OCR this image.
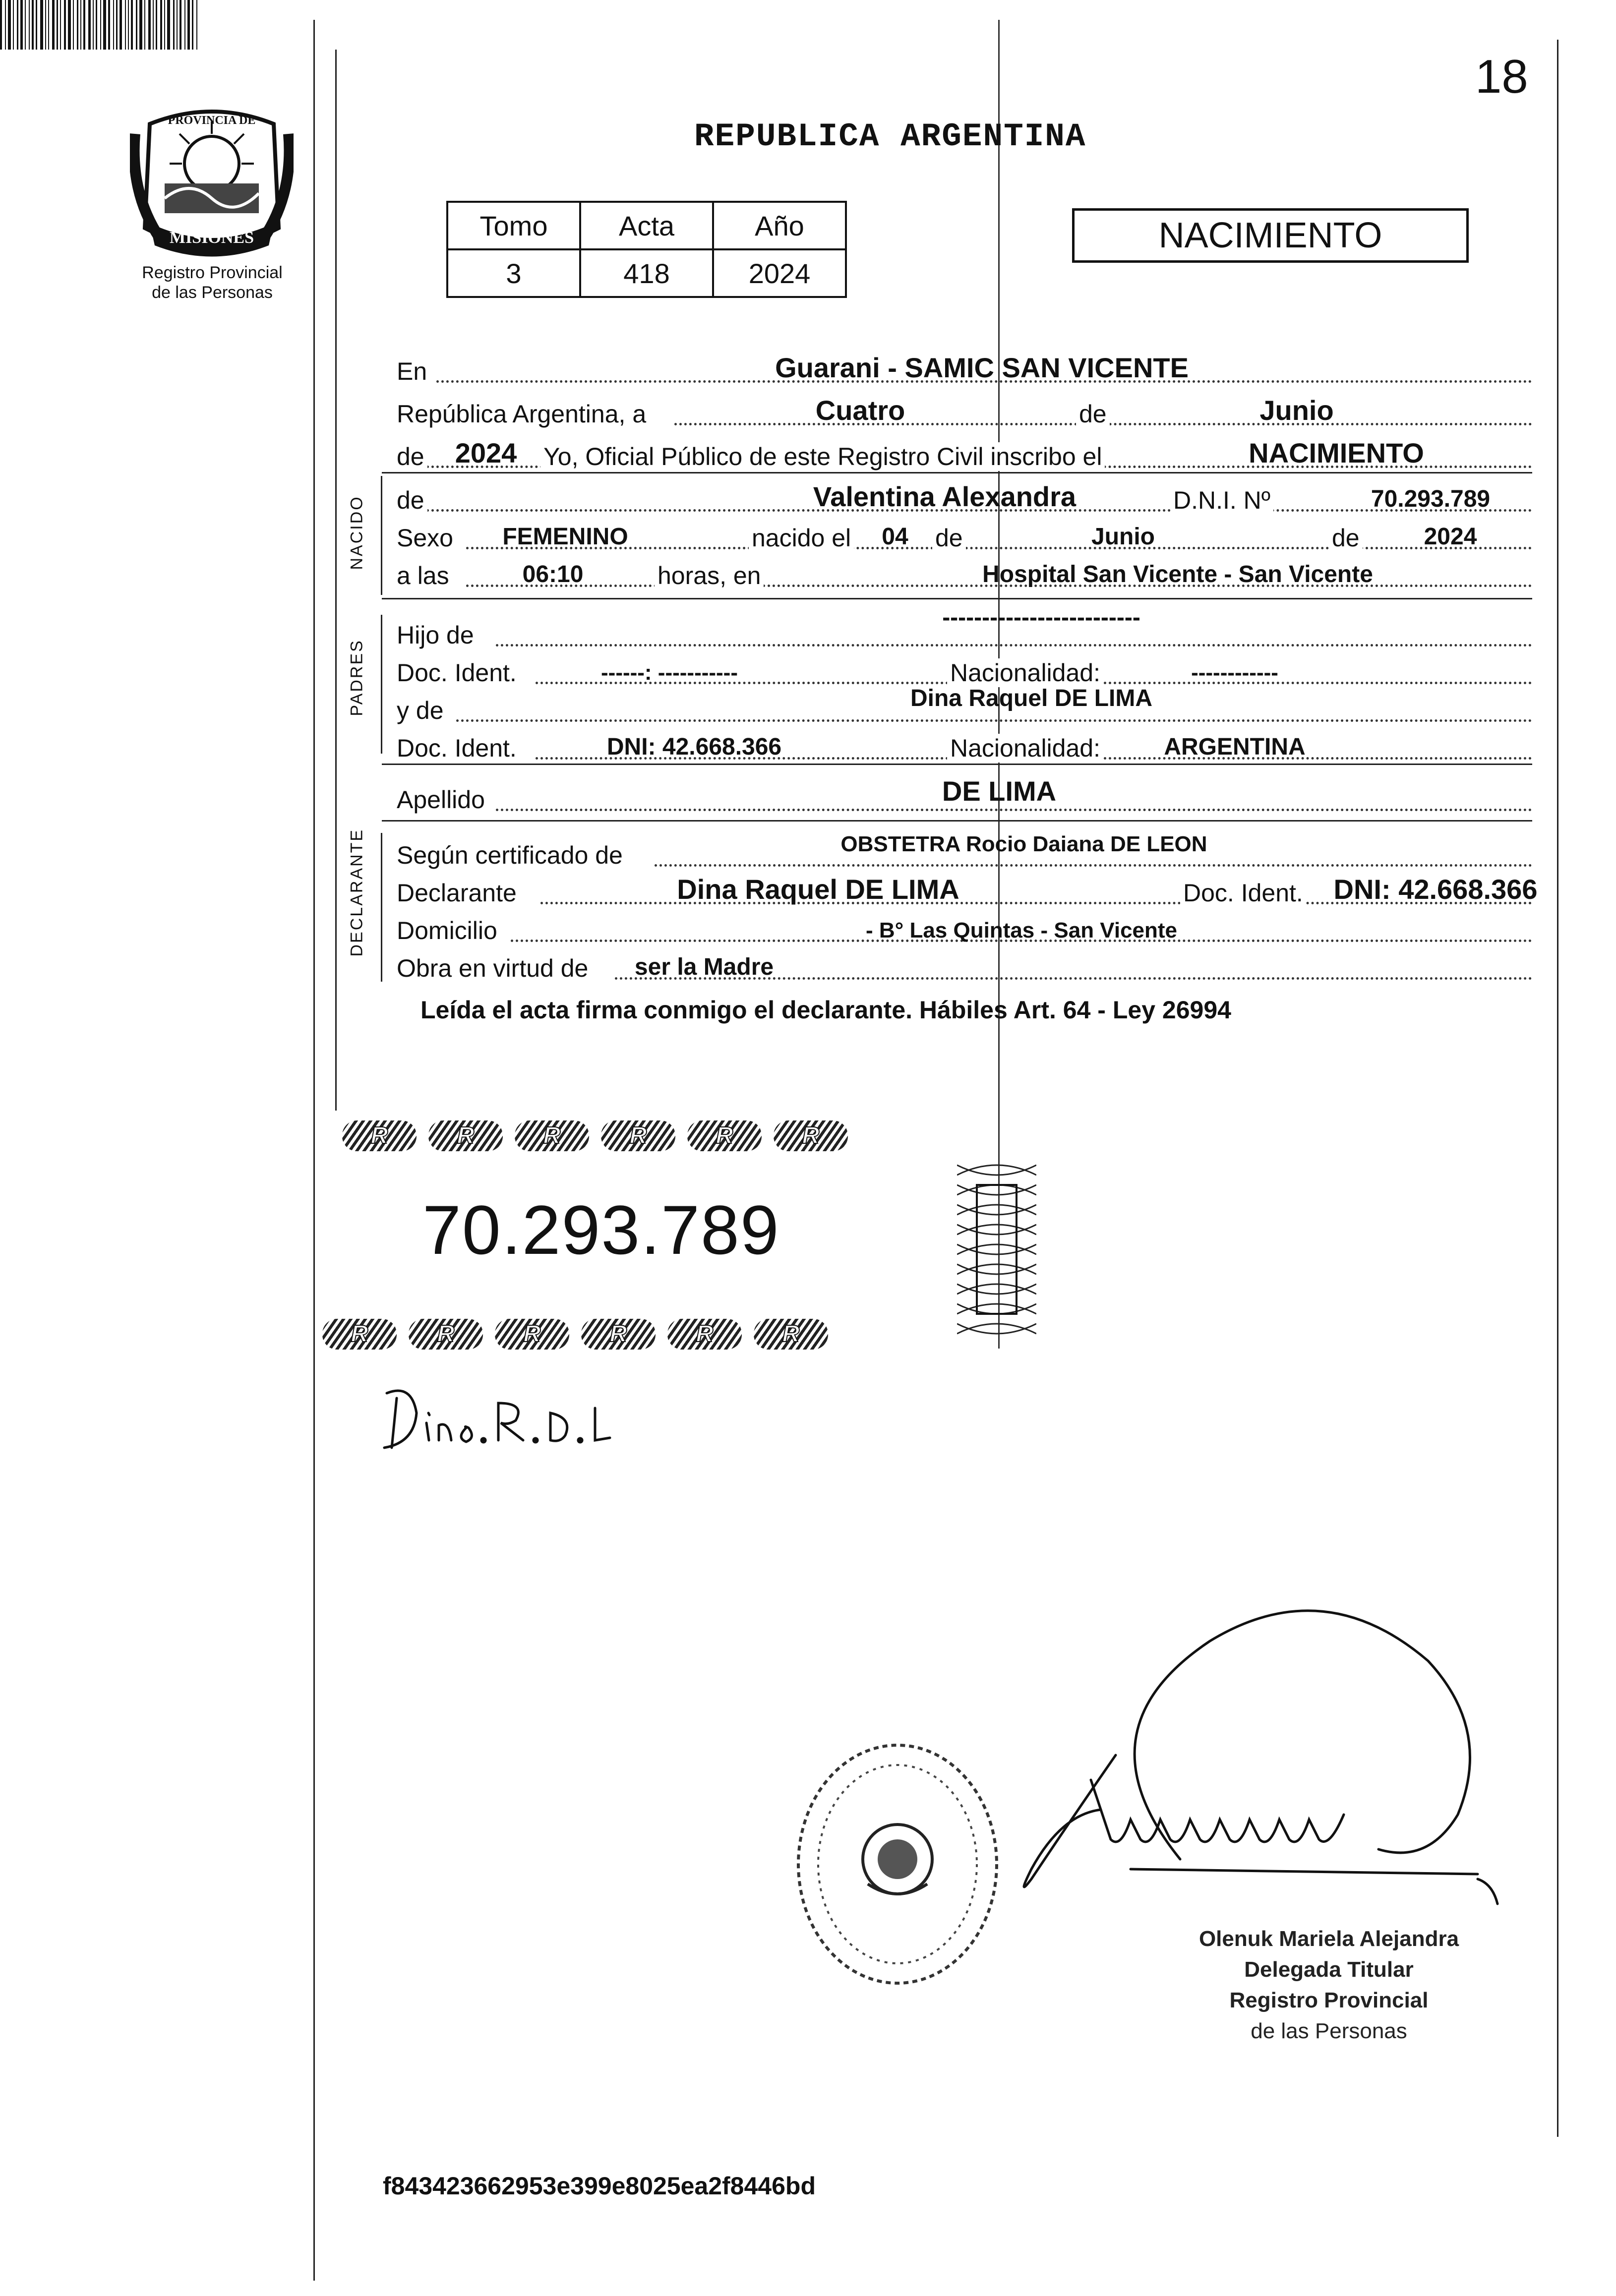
18
REPUBLICA ARGENTINA
MISIONES
PROVINCIA DE
Registro Provincial
de las Personas
Tomo	Acta	Año
3	418	2024
NACIMIENTO
En	Guarani - SAMIC SAN VICENTE
República Argentina, a	Cuatro	de	Junio
de 2024 Yo, Oficial Público de este Registro Civil inscribo el	NACIMIENTO
NACIDO de	Valentina Alexandra	D.N.I. Nº	70.293.789
Sexo FEMENINO	nacido el 04 de	Junio	de	2024
a las	06:10	horas, en	Hospital San Vicente - San Vicente
PADRES
Hijo de
-------------------------
Doc. Ident.	------: -----------	Nacionalidad:	------------
y de	Dina Raquel DE LIMA
Doc. Ident.	DNI: 42.668.366	Nacionalidad:	ARGENTINA
Apellido	DE LIMA
DECLARANTE Según certificado de	OBSTETRA Rocio Daiana DE LEON
Declarante	Dina Raquel DE LIMA	Doc. Ident. DNI: 42.668.366
Domicilio	- B° Las Quintas - San Vicente
Obra en virtud de ser la Madre
Leída el acta firma conmigo el declarante. Hábiles Art. 64 - Ley 26994
R	R	R	R	R	R
70.293.789
R	R	R	R	R	R
Olenuk Mariela Alejandra
Delegada Titular
Registro Provincial
de las Personas
f843423662953e399e8025ea2f8446bd
